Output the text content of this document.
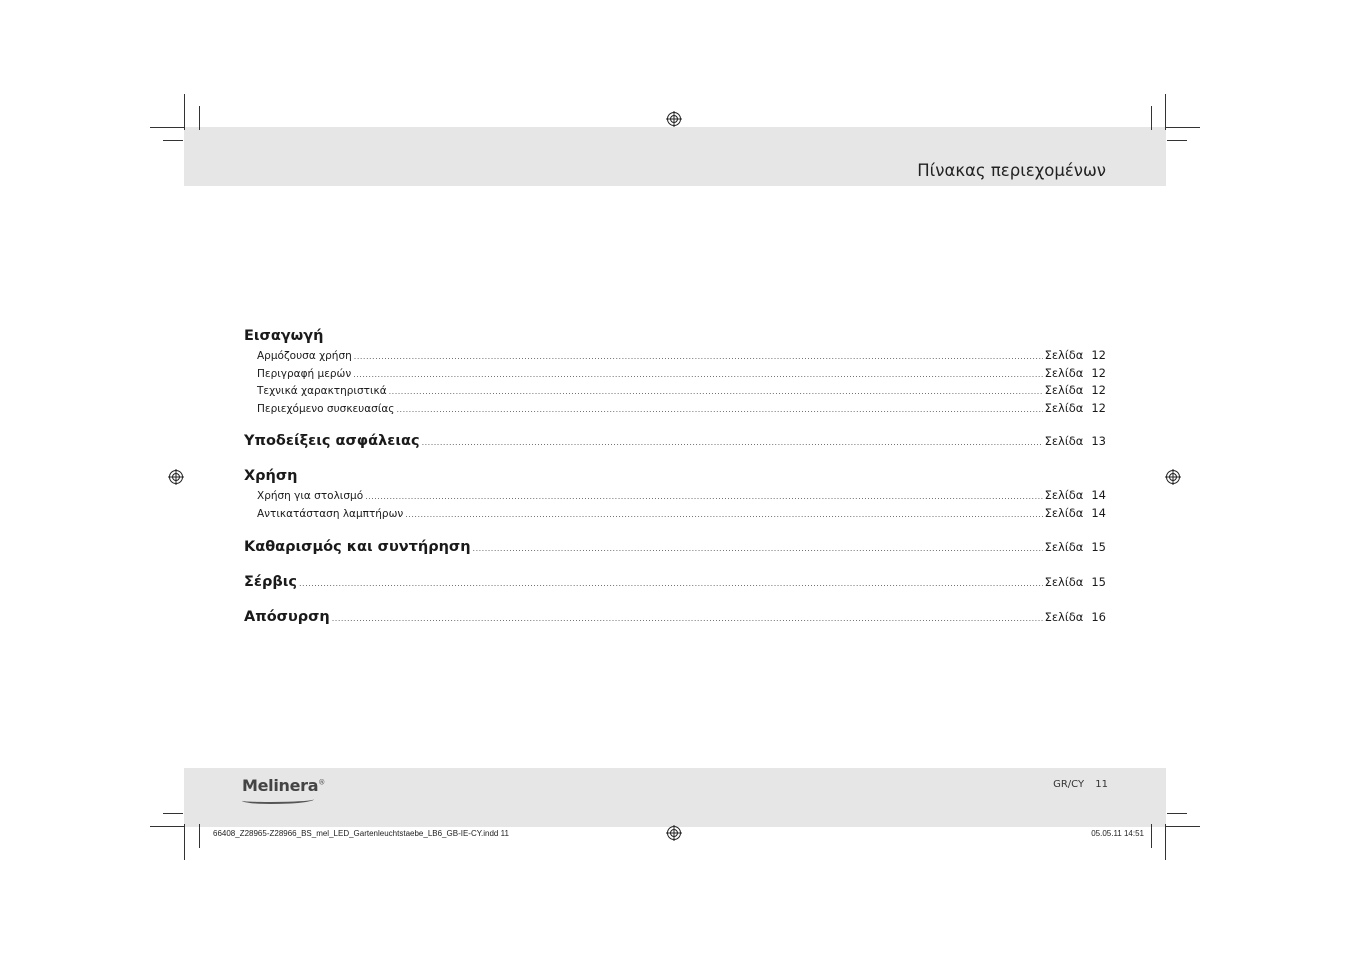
Πίνακας περιεχομένων
Εισαγωγή
Αρμόζουσα χρήση .....	Σελίδα 12
Περιγραφή μερών .....	Σελίδα 12
Τεχνικά χαρακτηριστικά .....	Σελίδα 12
Περιεχόμενο συσκευασίας .....	Σελίδα 12
Υποδείξεις ασφάλειας .....	Σελίδα 13
Χρήση
Χρήση για στολισμό .....	Σελίδα 14
Αντικατάσταση λαμπτήρων .....	Σελίδα 14
Καθαρισμός και συντήρηση .....	Σελίδα 15
Σέρβις .....	Σελίδα 15
Απόσυρση .....	Σελίδα 16
Melinera®	GR/CY 11
66408_Z28965-Z28966_BS_mel_LED_Gartenleuchtstaebe_LB6_GB-IE-CY.indd 11	05.05.11 14:51
